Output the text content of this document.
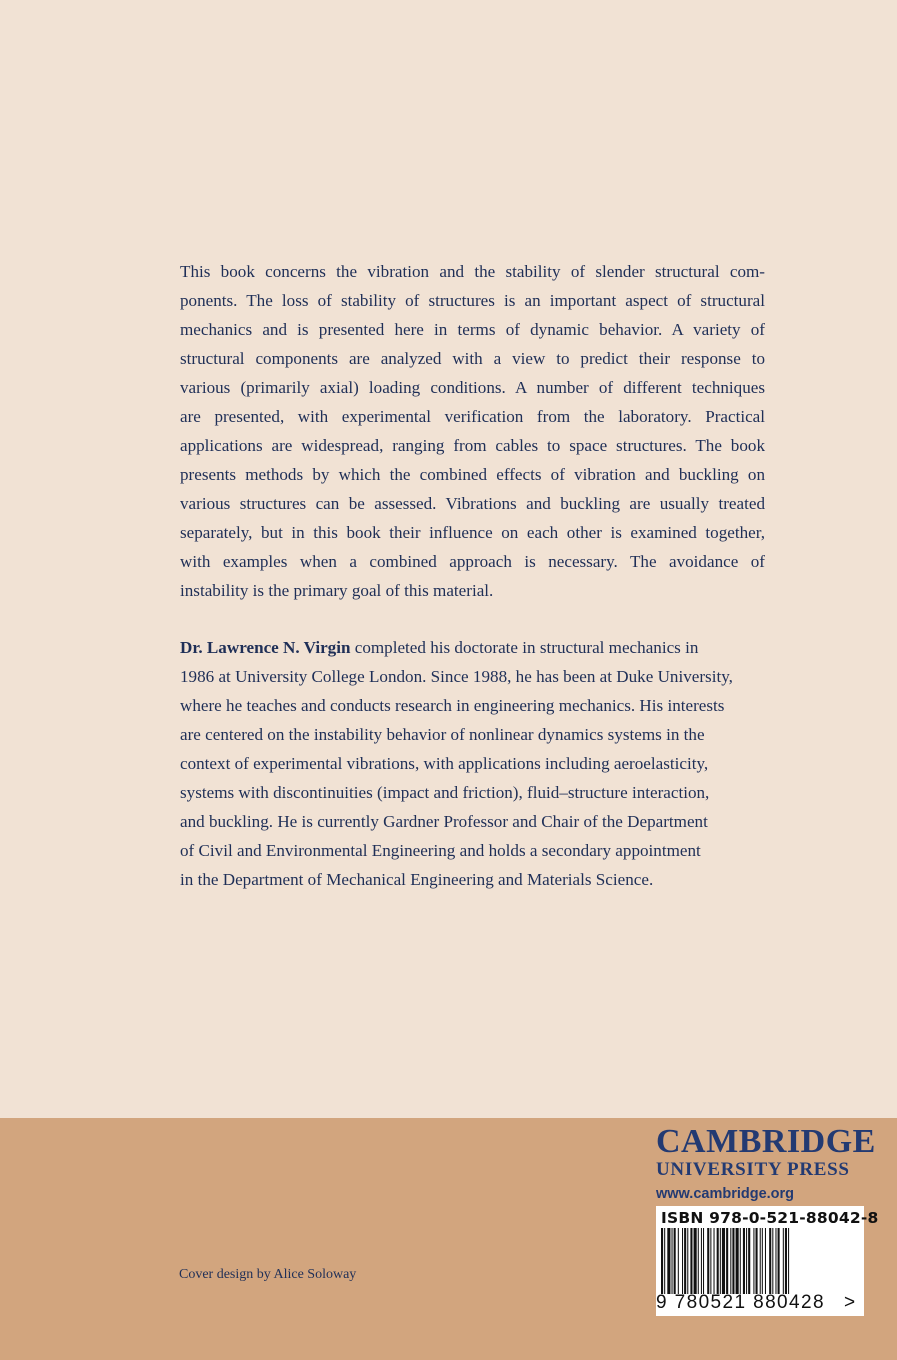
This book concerns the vibration and the stability of slender structural com-
ponents. The loss of stability of structures is an important aspect of structural
mechanics and is presented here in terms of dynamic behavior. A variety of
structural components are analyzed with a view to predict their response to
various (primarily axial) loading conditions. A number of different techniques
are presented, with experimental verification from the laboratory. Practical
applications are widespread, ranging from cables to space structures. The book
presents methods by which the combined effects of vibration and buckling on
various structures can be assessed. Vibrations and buckling are usually treated
separately, but in this book their influence on each other is examined together,
with examples when a combined approach is necessary. The avoidance of
instability is the primary goal of this material.
Dr. Lawrence N. Virgin completed his doctorate in structural mechanics in
1986 at University College London. Since 1988, he has been at Duke University,
where he teaches and conducts research in engineering mechanics. His interests
are centered on the instability behavior of nonlinear dynamics systems in the
context of experimental vibrations, with applications including aeroelasticity,
systems with discontinuities (impact and friction), fluid–structure interaction,
and buckling. He is currently Gardner Professor and Chair of the Department
of Civil and Environmental Engineering and holds a secondary appointment
in the Department of Mechanical Engineering and Materials Science.
Cover design by Alice Soloway

CAMBRIDGE

UNIVERSITY PRESS

www.cambridge.org

ISBN 978-0-521-88042-8
9 780521 880428	>
